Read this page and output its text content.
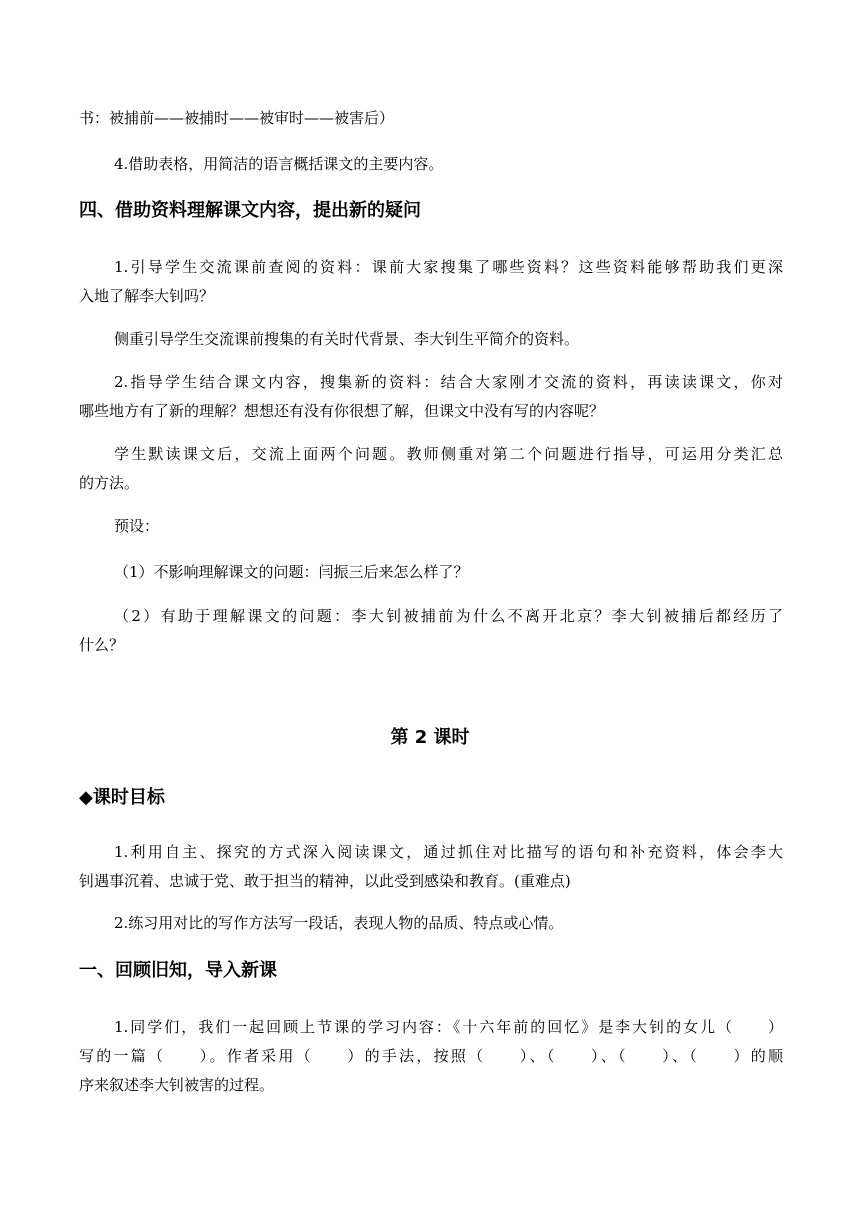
书：被捕前——被捕时——被审时——被害后）
4.借助表格，用简洁的语言概括课文的主要内容。
四、借助资料理解课文内容，提出新的疑问
1.引导学生交流课前查阅的资料：课前大家搜集了哪些资料？这些资料能够帮助我们更深
入地了解李大钊吗？
侧重引导学生交流课前搜集的有关时代背景、李大钊生平简介的资料。
2.指导学生结合课文内容，搜集新的资料：结合大家刚才交流的资料，再读读课文，你对
哪些地方有了新的理解？想想还有没有你很想了解，但课文中没有写的内容呢？
学生默读课文后，交流上面两个问题。教师侧重对第二个问题进行指导，可运用分类汇总
的方法。
预设：
（1）不影响理解课文的问题：闫振三后来怎么样了？
（2）有助于理解课文的问题：李大钊被捕前为什么不离开北京？李大钊被捕后都经历了
什么？
第 2 课时
◆课时目标
1.利用自主、探究的方式深入阅读课文，通过抓住对比描写的语句和补充资料，体会李大
钊遇事沉着、忠诚于党、敢于担当的精神，以此受到感染和教育。(重难点)
2.练习用对比的写作方法写一段话，表现人物的品质、特点或心情。
一、回顾旧知，导入新课
1.同学们，我们一起回顾上节课的学习内容：《十六年前的回忆》是李大钊的女儿（　　）
写的一篇（　　）。作者采用（　　）的手法，按照（　　）、（　　）、（　　）、（　　）的顺
序来叙述李大钊被害的过程。
